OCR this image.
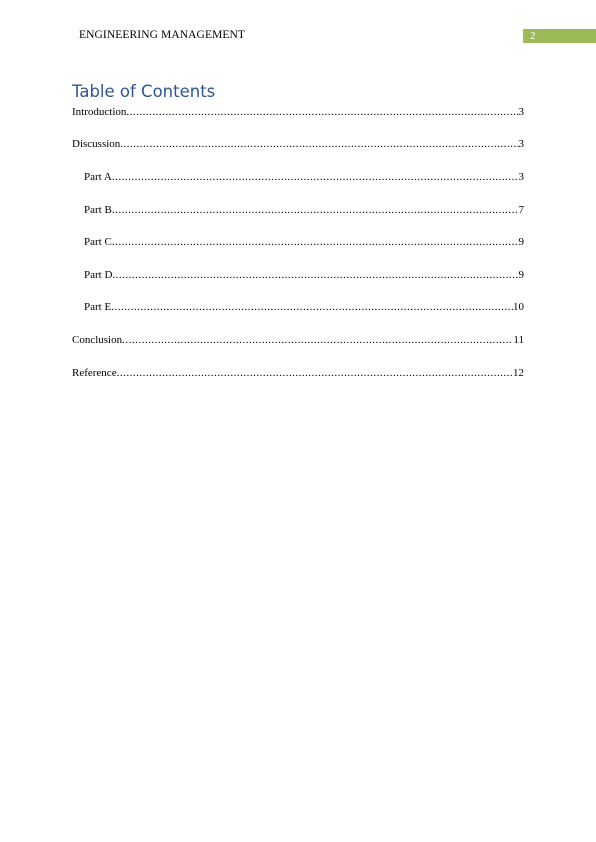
ENGINEERING MANAGEMENT	2
Table of Contents
Introduction .....	3
Discussion .....	3
Part A .....	3
Part B .....	7
Part C .....	9
Part D .....	9
Part E .....	10
Conclusion .....	11
Reference .....	12
